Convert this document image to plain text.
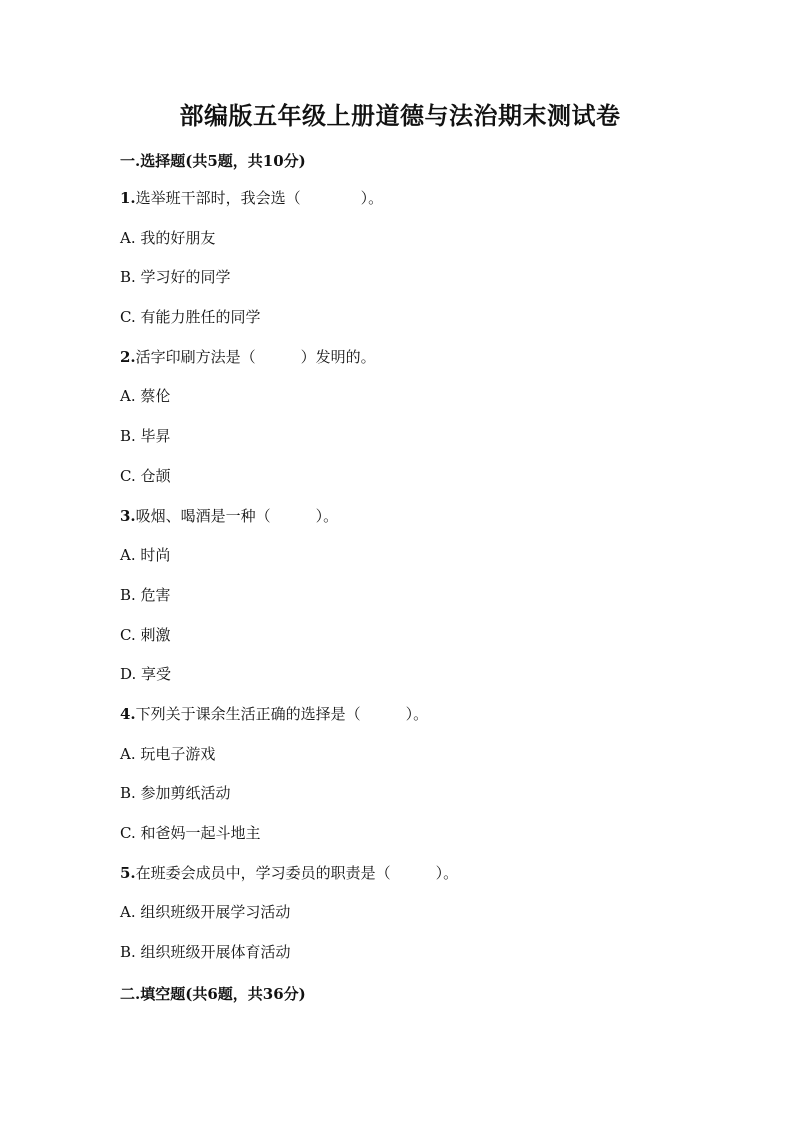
部编版五年级上册道德与法治期末测试卷
一.选择题(共5题，共10分)
1.选举班干部时，我会选（　　　　）。
A. 我的好朋友
B. 学习好的同学
C. 有能力胜任的同学
2.活字印刷方法是（　　　）发明的。
A. 蔡伦
B. 毕昇
C. 仓颉
3.吸烟、喝酒是一种（　　　）。
A. 时尚
B. 危害
C. 刺激
D. 享受
4.下列关于课余生活正确的选择是（　　　）。
A. 玩电子游戏
B. 参加剪纸活动
C. 和爸妈一起斗地主
5.在班委会成员中，学习委员的职责是（　　　）。
A. 组织班级开展学习活动
B. 组织班级开展体育活动
二.填空题(共6题，共36分)
